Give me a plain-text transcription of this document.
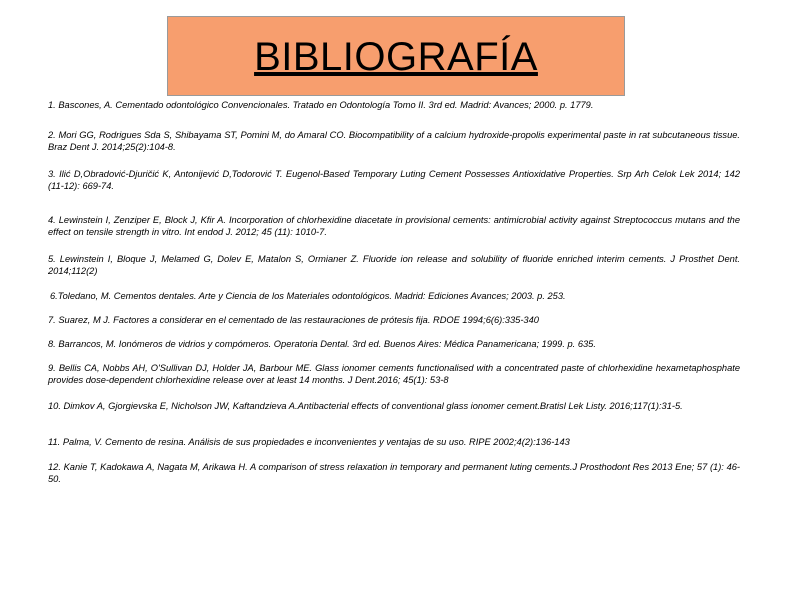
BIBLIOGRAFÍA

1. Bascones, A. Cementado odontológico Convencionales. Tratado en Odontología Tomo II. 3rd ed. Madrid: Avances; 2000. p. 1779.

2. Mori GG, Rodrigues Sda S, Shibayama ST, Pomini M, do Amaral CO. Biocompatibility of a calcium hydroxide-propolis experimental paste in rat subcutaneous tissue. Braz Dent J. 2014;25(2):104-8.

3. Ilić D,Obradović-Djuričić K, Antonijević D,Todorović T. Eugenol-Based Temporary Luting Cement Possesses Antioxidative Properties. Srp Arh Celok Lek 2014; 142 (11-12): 669-74.

4. Lewinstein I, Zenziper E, Block J, Kfir A. Incorporation of chlorhexidine diacetate in provisional cements: antimicrobial activity against Streptococcus mutans and the effect on tensile strength in vitro. Int endod J. 2012; 45 (11): 1010-7.

5. Lewinstein I, Bloque J, Melamed G, Dolev E, Matalon S, Ormianer Z. Fluoride ion release and solubility of fluoride enriched interim cements. J Prosthet Dent. 2014;112(2)

6.Toledano, M. Cementos dentales. Arte y Ciencia de los Materiales odontológicos. Madrid: Ediciones Avances; 2003. p. 253.

7. Suarez, M J. Factores a considerar en el cementado de las restauraciones de prótesis fija. RDOE 1994;6(6):335-340

8. Barrancos, M. Ionómeros de vidrios y compómeros. Operatoria Dental. 3rd ed. Buenos Aires: Médica Panamericana; 1999. p. 635.

9. Bellis CA, Nobbs AH, O'Sullivan DJ, Holder JA, Barbour ME. Glass ionomer cements functionalised with a concentrated paste of chlorhexidine hexametaphosphate provides dose-dependent chlorhexidine release over at least 14 months. J Dent.2016; 45(1): 53-8

10. Dimkov A, Gjorgievska E, Nicholson JW, Kaftandzieva A.Antibacterial effects of conventional glass ionomer cement.Bratisl Lek Listy. 2016;117(1):31-5.

11. Palma, V. Cemento de resina. Análisis de sus propiedades e inconvenientes y ventajas de su uso. RIPE 2002;4(2):136-143

12. Kanie T, Kadokawa A, Nagata M, Arikawa H. A comparison of stress relaxation in temporary and permanent luting cements.J Prosthodont Res 2013 Ene; 57 (1): 46-50.
